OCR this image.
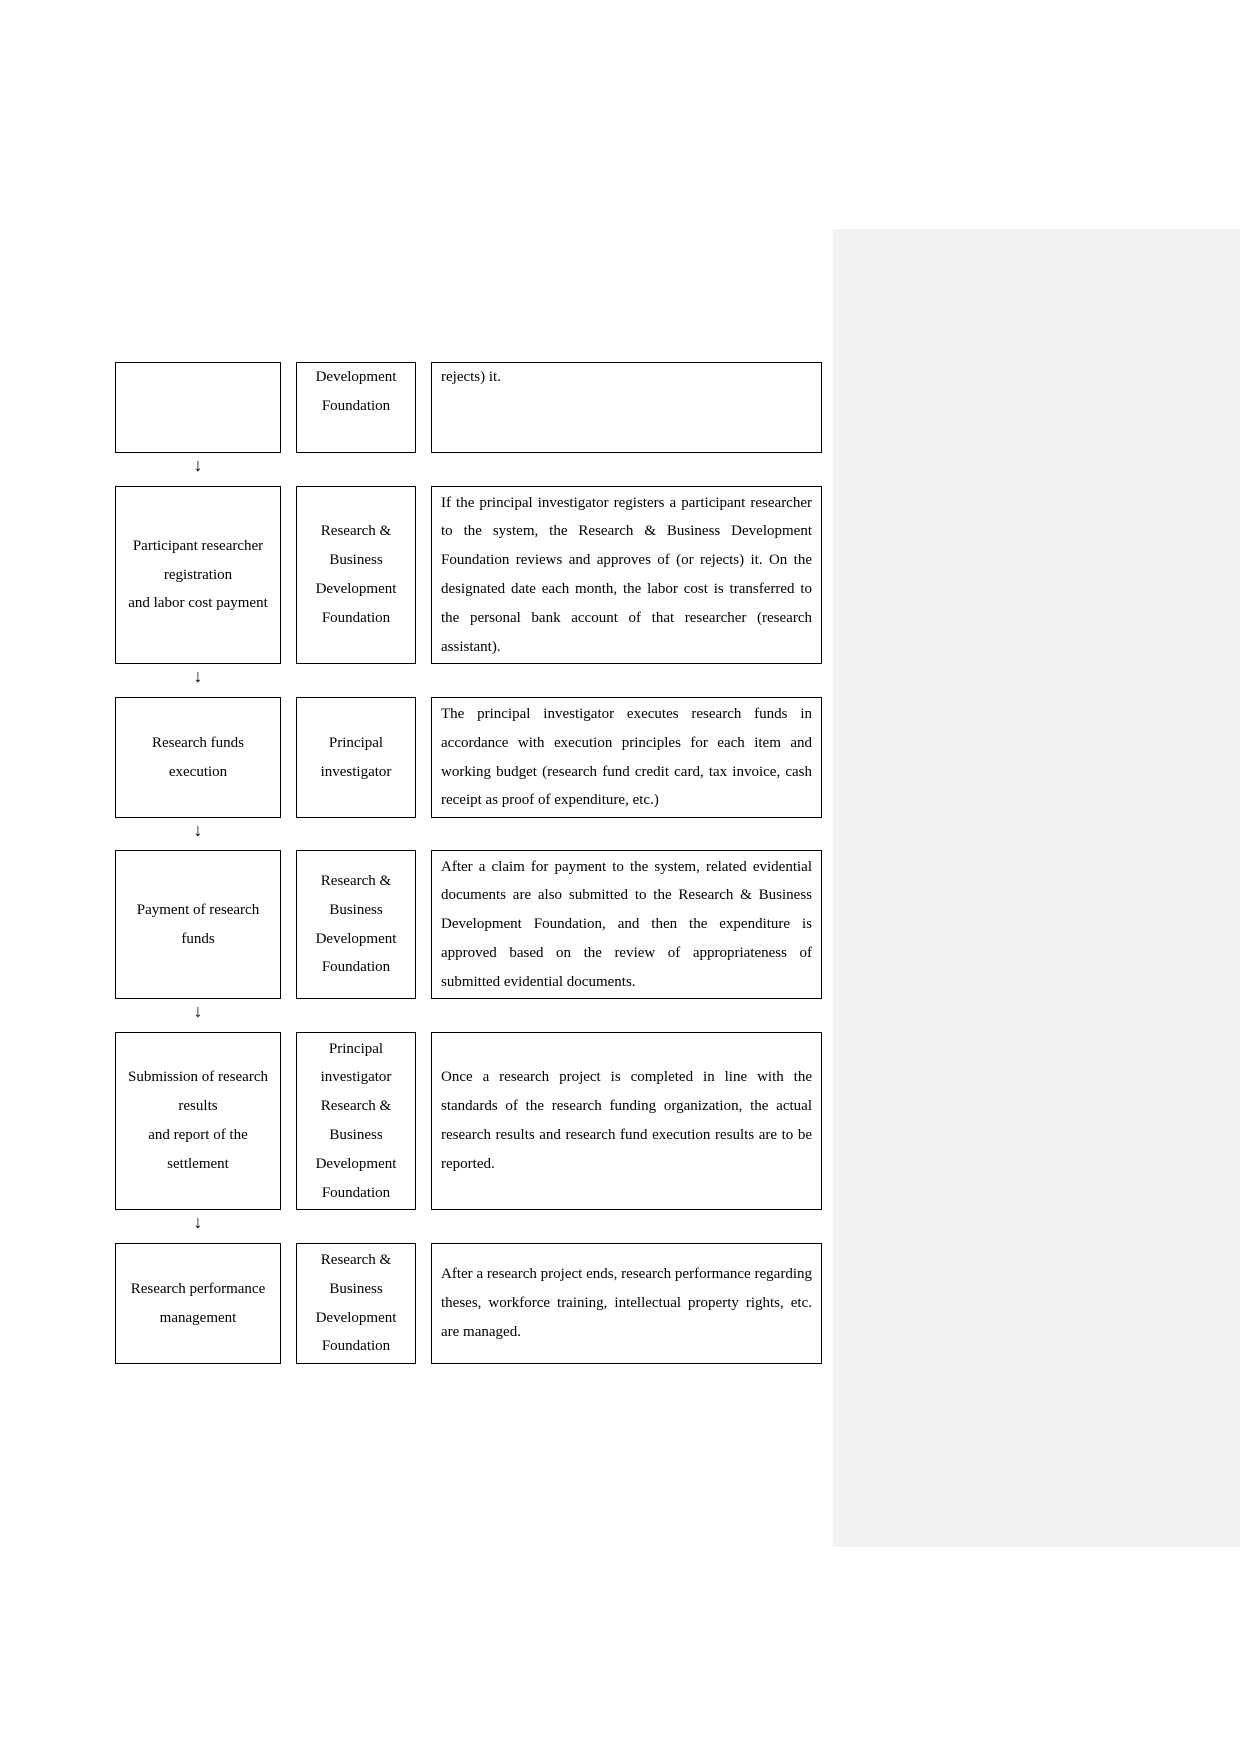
Development
Foundation
rejects) it.
↓
Participant researcher
registration
and labor cost payment
Research &
Business
Development
Foundation
If the principal investigator registers a participant researcher to the system, the Research & Business Development Foundation reviews and approves of (or rejects) it. On the designated date each month, the labor cost is transferred to the personal bank account of that researcher (research assistant).
↓
Research funds
execution
Principal
investigator
The principal investigator executes research funds in accordance with execution principles for each item and working budget (research fund credit card, tax invoice, cash receipt as proof of expenditure, etc.)
↓
Payment of research
funds
Research &
Business
Development
Foundation
After a claim for payment to the system, related evidential documents are also submitted to the Research & Business Development Foundation, and then the expenditure is approved based on the review of appropriateness of submitted evidential documents.
↓
Submission of research
results
and report of the
settlement
Principal
investigator
Research &
Business
Development
Foundation
Once a research project is completed in line with the standards of the research funding organization, the actual research results and research fund execution results are to be reported.
↓
Research performance
management
Research &
Business
Development
Foundation
After a research project ends, research performance regarding theses, workforce training, intellectual property rights, etc. are managed.
